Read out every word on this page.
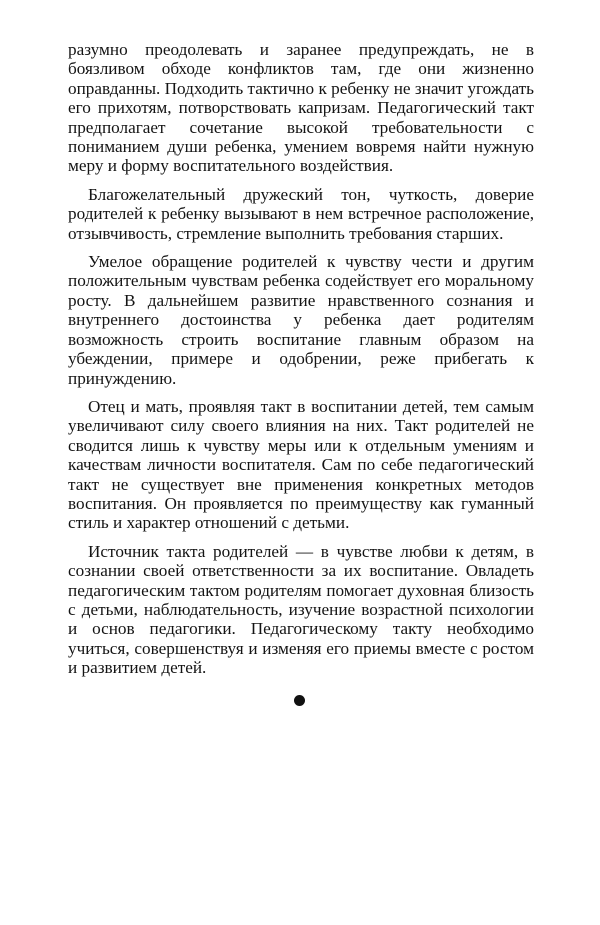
разумно преодолевать и заранее предупреждать, не в боязливом обходе конфликтов там, где они жизненно оправданны. Подходить тактично к ребенку не значит угождать его прихотям, потворствовать капризам. Педагогический такт предполагает сочетание высокой требовательности с пониманием души ребенка, умением вовремя найти нужную меру и форму воспитательного воздействия.

Благожелательный дружеский тон, чуткость, доверие родителей к ребенку вызывают в нем встречное расположение, отзывчивость, стремление выполнить требования старших.

Умелое обращение родителей к чувству чести и другим положительным чувствам ребенка содействует его моральному росту. В дальнейшем развитие нравственного сознания и внутреннего достоинства у ребенка дает родителям возможность строить воспитание главным образом на убеждении, примере и одобрении, реже прибегать к принуждению.

Отец и мать, проявляя такт в воспитании детей, тем самым увеличивают силу своего влияния на них. Такт родителей не сводится лишь к чувству меры или к отдельным умениям и качествам личности воспитателя. Сам по себе педагогический такт не существует вне применения конкретных методов воспитания. Он проявляется по преимуществу как гуманный стиль и характер отношений с детьми.

Источник такта родителей — в чувстве любви к детям, в сознании своей ответственности за их воспитание. Овладеть педагогическим тактом родителям помогает духовная близость с детьми, наблюдательность, изучение возрастной психологии и основ педагогики. Педагогическому такту необходимо учиться, совершенствуя и изменяя его приемы вместе с ростом и развитием детей.
